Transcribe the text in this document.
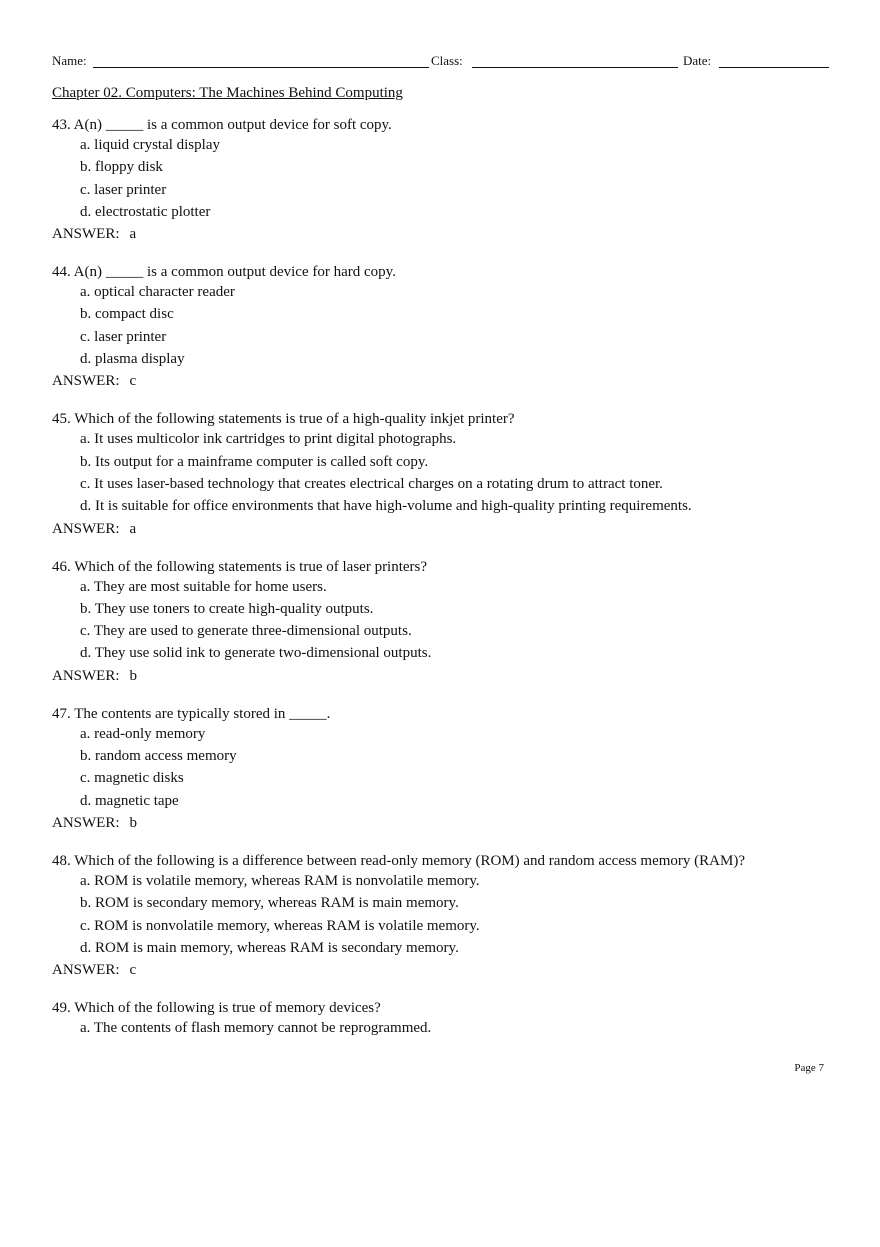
Name:	Class:	Date:
Chapter 02. Computers: The Machines Behind Computing
43. A(n) _____ is a common output device for soft copy.
a. liquid crystal display
b. floppy disk
c. laser printer
d. electrostatic plotter
ANSWER: a
44. A(n) _____ is a common output device for hard copy.
a. optical character reader
b. compact disc
c. laser printer
d. plasma display
ANSWER: c
45. Which of the following statements is true of a high-quality inkjet printer?
a. It uses multicolor ink cartridges to print digital photographs.
b. Its output for a mainframe computer is called soft copy.
c. It uses laser-based technology that creates electrical charges on a rotating drum to attract toner.
d. It is suitable for office environments that have high-volume and high-quality printing requirements.
ANSWER: a
46. Which of the following statements is true of laser printers?
a. They are most suitable for home users.
b. They use toners to create high-quality outputs.
c. They are used to generate three-dimensional outputs.
d. They use solid ink to generate two-dimensional outputs.
ANSWER: b
47. The contents are typically stored in _____.
a. read-only memory
b. random access memory
c. magnetic disks
d. magnetic tape
ANSWER: b
48. Which of the following is a difference between read-only memory (ROM) and random access memory (RAM)?
a. ROM is volatile memory, whereas RAM is nonvolatile memory.
b. ROM is secondary memory, whereas RAM is main memory.
c. ROM is nonvolatile memory, whereas RAM is volatile memory.
d. ROM is main memory, whereas RAM is secondary memory.
ANSWER: c
49. Which of the following is true of memory devices?
a. The contents of flash memory cannot be reprogrammed.
Page 7
